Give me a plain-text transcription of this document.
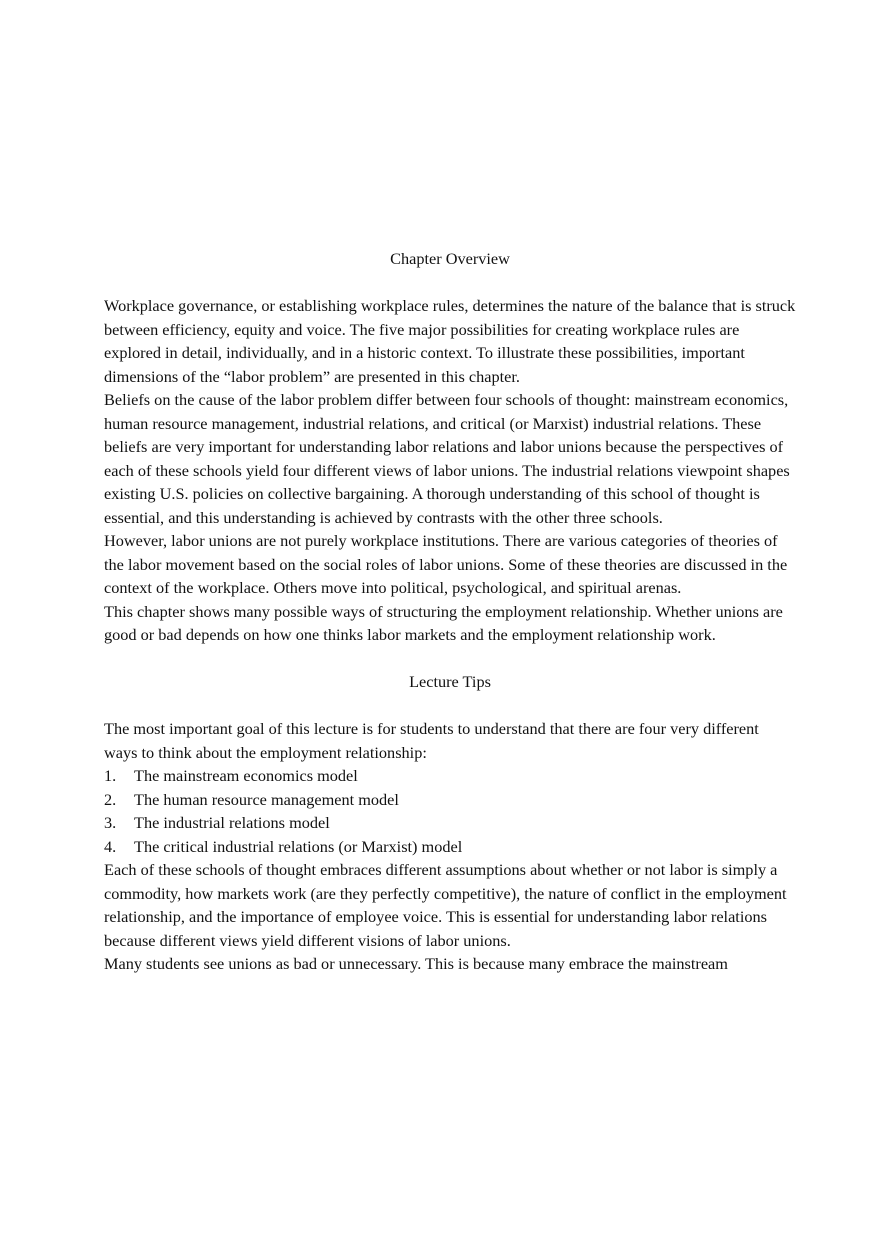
Chapter Overview

Workplace governance, or establishing workplace rules, determines the nature of the balance that is struck between efficiency, equity and voice. The five major possibilities for creating workplace rules are explored in detail, individually, and in a historic context. To illustrate these possibilities, important dimensions of the “labor problem” are presented in this chapter.

Beliefs on the cause of the labor problem differ between four schools of thought: mainstream economics, human resource management, industrial relations, and critical (or Marxist) industrial relations. These beliefs are very important for understanding labor relations and labor unions because the perspectives of each of these schools yield four different views of labor unions. The industrial relations viewpoint shapes existing U.S. policies on collective bargaining. A thorough understanding of this school of thought is essential, and this understanding is achieved by contrasts with the other three schools.

However, labor unions are not purely workplace institutions. There are various categories of theories of the labor movement based on the social roles of labor unions. Some of these theories are discussed in the context of the workplace. Others move into political, psychological, and spiritual arenas.

This chapter shows many possible ways of structuring the employment relationship. Whether unions are good or bad depends on how one thinks labor markets and the employment relationship work.

Lecture Tips

The most important goal of this lecture is for students to understand that there are four very different ways to think about the employment relationship:

1.	The mainstream economics model
2.	The human resource management model
3.	The industrial relations model
4.	The critical industrial relations (or Marxist) model

Each of these schools of thought embraces different assumptions about whether or not labor is simply a commodity, how markets work (are they perfectly competitive), the nature of conflict in the employment relationship, and the importance of employee voice. This is essential for understanding labor relations because different views yield different visions of labor unions.

Many students see unions as bad or unnecessary. This is because many embrace the mainstream
